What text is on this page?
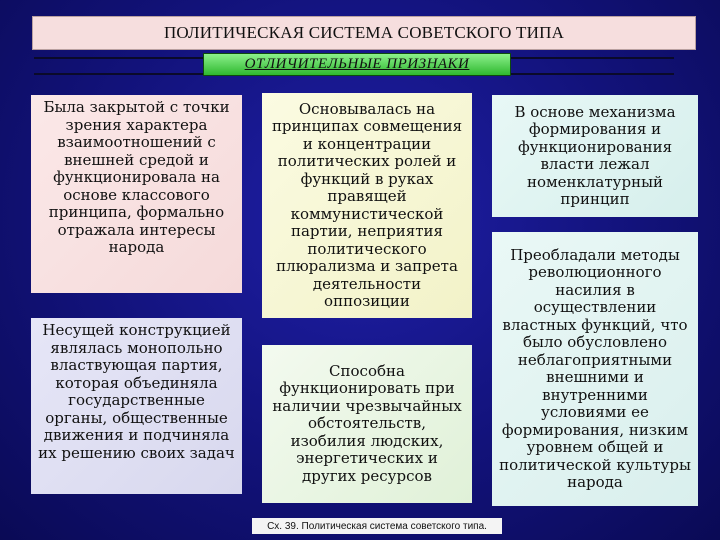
ПОЛИТИЧЕСКАЯ СИСТЕМА СОВЕТСКОГО ТИПА
ОТЛИЧИТЕЛЬНЫЕ ПРИЗНАКИ
Была закрытой с точки зрения характера взаимоотношений с внешней средой и функционировала на основе классового принципа, формально отражала интересы народа
Несущей конструкцией являлась монопольно властвующая партия, которая объединяла государственные органы, общественные движения и подчиняла их решению своих задач
Основывалась на принципах совмещения и концентрации политических ролей и функций в руках правящей коммунистической партии, неприятия политического плюрализма и запрета деятельности оппозиции
Способна функционировать при наличии чрезвычайных обстоятельств, изобилия людских, энергетических и других ресурсов
В основе механизма формирования и функционирования власти лежал номенклатурный принцип
Преобладали методы революционного насилия в осуществлении властных функций, что было обусловлено неблагоприятными внешними и внутренними условиями ее формирования, низким уровнем общей и политической культуры народа
Сх. 39. Политическая система советского типа.
